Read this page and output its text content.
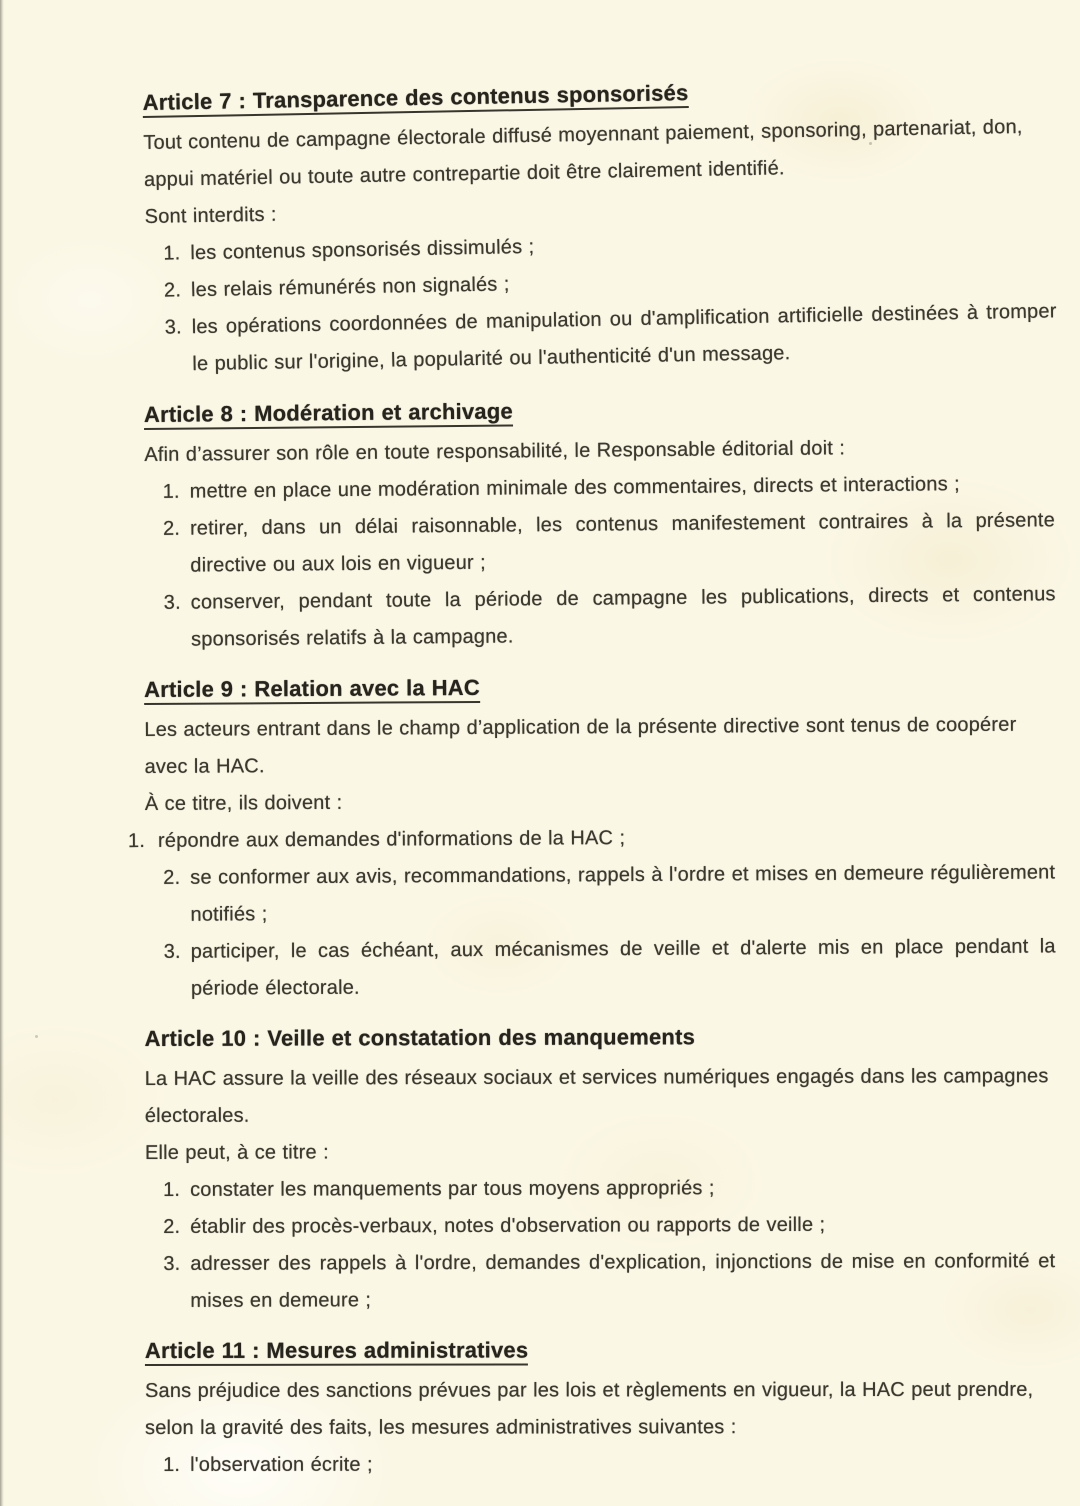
Article 7 : Transparence des contenus sponsorisés

Tout contenu de campagne électorale diffusé moyennant paiement, sponsoring, partenariat, don, appui matériel ou toute autre contrepartie doit être clairement identifié.

Sont interdits :

1. les contenus sponsorisés dissimulés ;
2. les relais rémunérés non signalés ;
3. les opérations coordonnées de manipulation ou d'amplification artificielle destinées à tromper le public sur l'origine, la popularité ou l'authenticité d'un message.
Article 8 : Modération et archivage

Afin d’assurer son rôle en toute responsabilité, le Responsable éditorial doit :

1. mettre en place une modération minimale des commentaires, directs et interactions ;
2. retirer, dans un délai raisonnable, les contenus manifestement contraires à la présente directive ou aux lois en vigueur ;
3. conserver, pendant toute la période de campagne les publications, directs et contenus sponsorisés relatifs à la campagne.
Article 9 : Relation avec la HAC

Les acteurs entrant dans le champ d’application de la présente directive sont tenus de coopérer avec la HAC.

À ce titre, ils doivent :

1. répondre aux demandes d'informations de la HAC ;
2. se conformer aux avis, recommandations, rappels à l'ordre et mises en demeure régulièrement notifiés ;
3. participer, le cas échéant, aux mécanismes de veille et d'alerte mis en place pendant la période électorale.
Article 10 : Veille et constatation des manquements

La HAC assure la veille des réseaux sociaux et services numériques engagés dans les campagnes électorales.

Elle peut, à ce titre :

1. constater les manquements par tous moyens appropriés ;
2. établir des procès-verbaux, notes d'observation ou rapports de veille ;
3. adresser des rappels à l'ordre, demandes d'explication, injonctions de mise en conformité et mises en demeure ;
Article 11 : Mesures administratives

Sans préjudice des sanctions prévues par les lois et règlements en vigueur, la HAC peut prendre, selon la gravité des faits, les mesures administratives suivantes :

1. l'observation écrite ;
